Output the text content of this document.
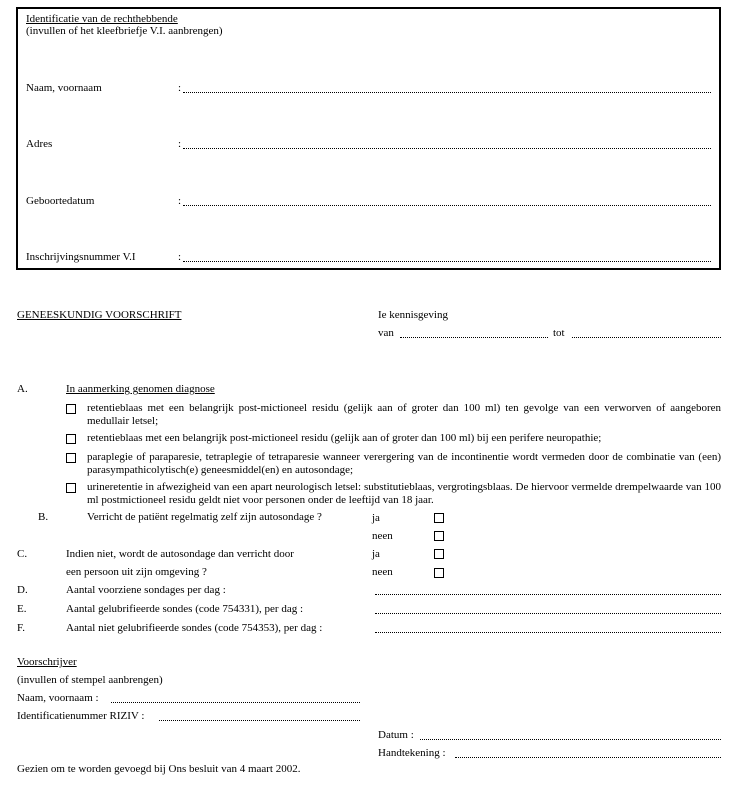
Identificatie van de rechthebbende
(invullen of het kleefbriefje V.I. aanbrengen)
Naam, voornaam	:
Adres	:
Geboortedatum	:
Inschrijvingsnummer V.I	:
GENEESKUNDIG VOORSCHRIFT	Ie kennisgeving
van	tot
A.	In aanmerking genomen diagnose
retentieblaas met een belangrijk post-mictioneel residu (gelijk aan of groter dan 100 ml) ten gevolge van een verworven of aangeboren medullair letsel;
retentieblaas met een belangrijk post-mictioneel residu (gelijk aan of groter dan 100 ml) bij een perifere neuropathie;
paraplegie of paraparesie, tetraplegie of tetraparesie wanneer verergering van de incontinentie wordt vermeden door de combinatie van (een) parasympathicolytisch(e) geneesmiddel(en) en autosondage;
urineretentie in afwezigheid van een apart neurologisch letsel: substitutieblaas, vergrotingsblaas. De hiervoor vermelde drempelwaarde van 100 ml postmictioneel residu geldt niet voor personen onder de leeftijd van 18 jaar.
B.	Verricht de patiënt regelmatig zelf zijn autosondage ?	ja
neen
C.	Indien niet, wordt de autosondage dan verricht door
een persoon uit zijn omgeving ?
ja
neen
D.	Aantal voorziene sondages per dag :
E.	Aantal gelubrifieerde sondes (code 754331), per dag :
F.	Aantal niet gelubrifieerde sondes (code 754353), per dag :
Voorschrijver
(invullen of stempel aanbrengen)
Naam, voornaam :
Identificatienummer RIZIV :
Datum :
Handtekening :
Gezien om te worden gevoegd bij Ons besluit van 4 maart 2002.
